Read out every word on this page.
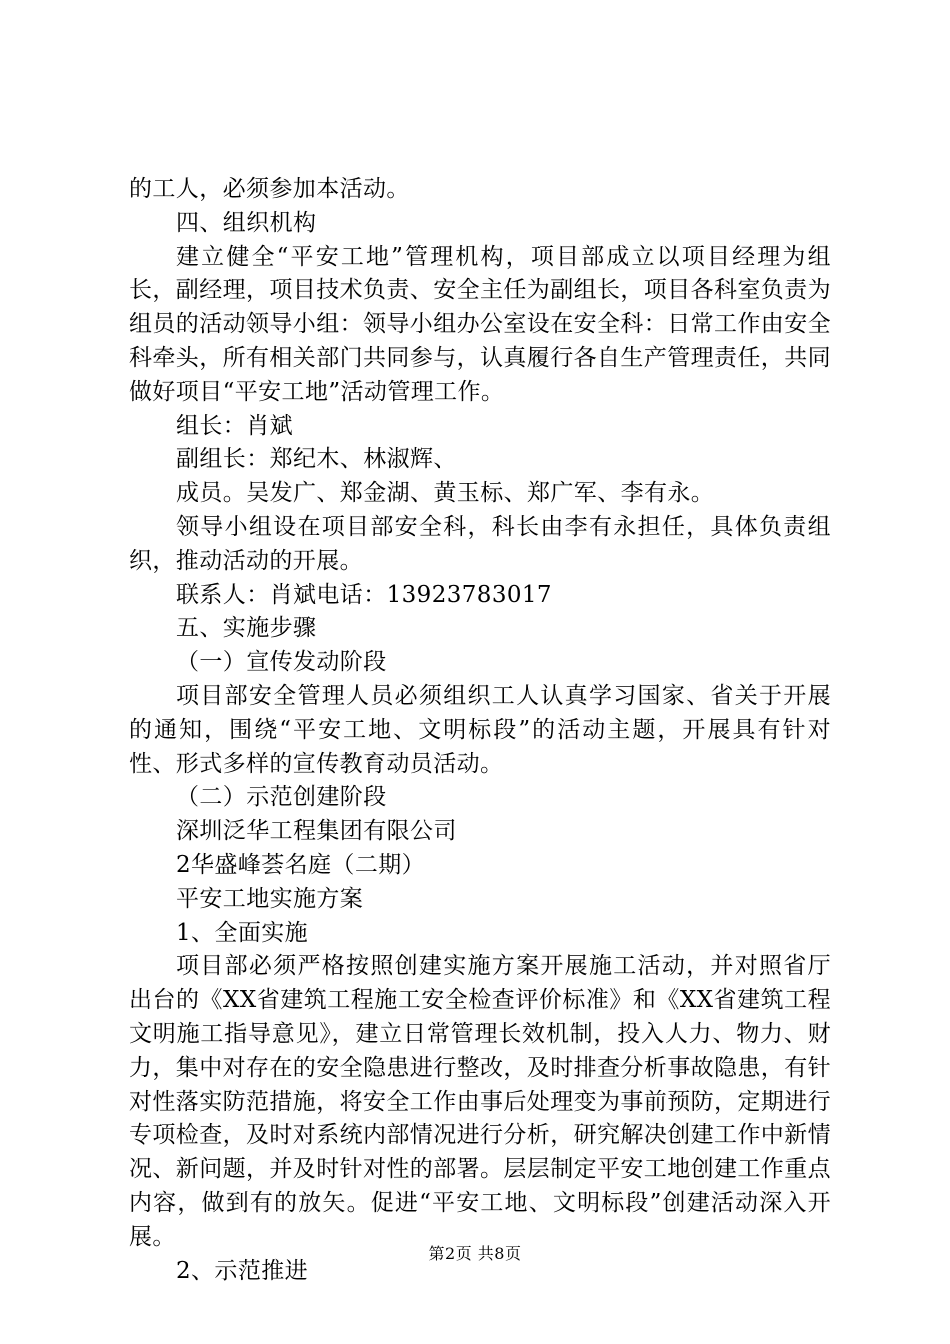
的工人，必须参加本活动。

四、组织机构

建立健全“平安工地”管理机构，项目部成立以项目经理为组长，副经理，项目技术负责、安全主任为副组长，项目各科室负责为组员的活动领导小组：领导小组办公室设在安全科：日常工作由安全科牵头，所有相关部门共同参与，认真履行各自生产管理责任，共同做好项目“平安工地”活动管理工作。

组长：肖斌

副组长：郑纪木、林淑辉、

成员。吴发广、郑金湖、黄玉标、郑广军、李有永。

领导小组设在项目部安全科，科长由李有永担任，具体负责组织，推动活动的开展。

联系人：肖斌电话：13923783017

五、实施步骤

（一）宣传发动阶段

项目部安全管理人员必须组织工人认真学习国家、省关于开展的通知，围绕“平安工地、文明标段”的活动主题，开展具有针对性、形式多样的宣传教育动员活动。

（二）示范创建阶段

深圳泛华工程集团有限公司

2华盛峰荟名庭（二期）

平安工地实施方案

1、全面实施

项目部必须严格按照创建实施方案开展施工活动，并对照省厅出台的《XX省建筑工程施工安全检查评价标准》和《XX省建筑工程文明施工指导意见》，建立日常管理长效机制，投入人力、物力、财力，集中对存在的安全隐患进行整改，及时排查分析事故隐患，有针对性落实防范措施，将安全工作由事后处理变为事前预防，定期进行专项检查，及时对系统内部情况进行分析，研究解决创建工作中新情况、新问题，并及时针对性的部署。层层制定平安工地创建工作重点内容，做到有的放矢。促进“平安工地、文明标段”创建活动深入开展。

2、示范推进

第2页 共8页
